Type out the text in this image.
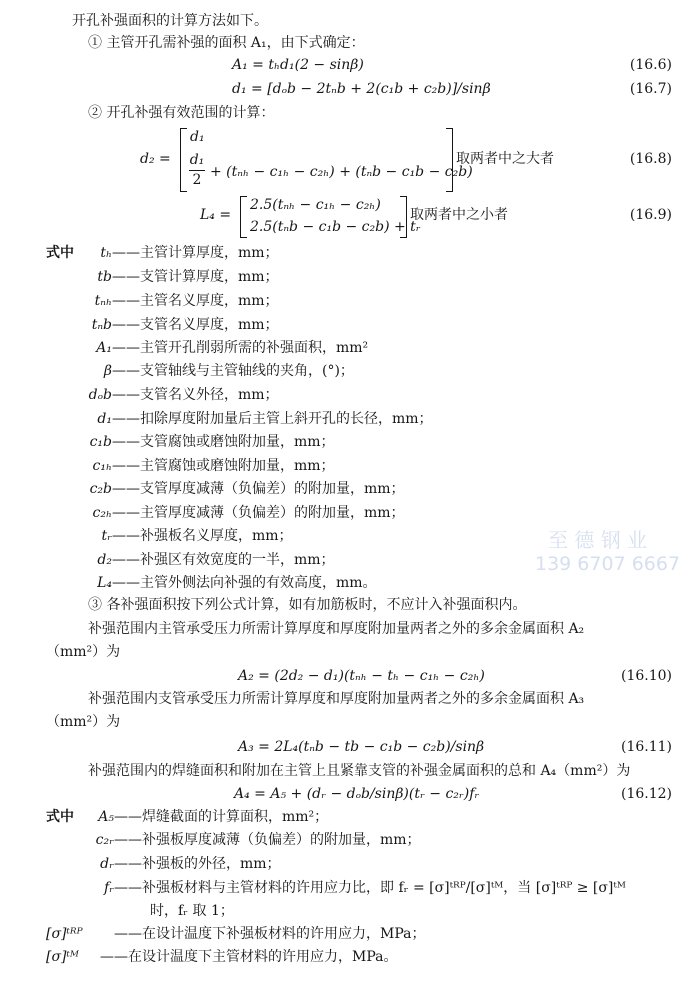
至 德 钢 业
139 6707 6667
开孔补强面积的计算方法如下。
① 主管开孔需补强的面积 A₁，由下式确定：
A₁ = tₕd₁(2 − sinβ)	(16.6)
d₁ = [dₒb − 2tₙb + 2(c₁b + c₂b)]/sinβ	(16.7)
② 开孔补强有效范围的计算：
d₂ =
d₁
d₁
2 + (tₙₕ − c₁ₕ − c₂ₕ) + (tₙb − c₁b − c₂b)
取两者中之大者	(16.8)
L₄ =
2.5(tₙₕ − c₁ₕ − c₂ₕ)
2.5(tₙb − c₁b − c₂b) + tᵣ
取两者中之小者	(16.9)
式中	tₕ——主管计算厚度，mm；
tb——支管计算厚度，mm；
tₙₕ——主管名义厚度，mm；
tₙb——支管名义厚度，mm；
A₁——主管开孔削弱所需的补强面积，mm²
β——支管轴线与主管轴线的夹角，(°)；
dₒb——支管名义外径，mm；
d₁——扣除厚度附加量后主管上斜开孔的长径，mm；
c₁b——支管腐蚀或磨蚀附加量，mm；
c₁ₕ——主管腐蚀或磨蚀附加量，mm；
c₂b——支管厚度减薄（负偏差）的附加量，mm；
c₂ₕ——主管厚度减薄（负偏差）的附加量，mm；
tᵣ——补强板名义厚度，mm；
d₂——补强区有效宽度的一半，mm；
L₄——主管外侧法向补强的有效高度，mm。
③ 各补强面积按下列公式计算，如有加筋板时，不应计入补强面积内。
补强范围内主管承受压力所需计算厚度和厚度附加量两者之外的多余金属面积 A₂
（mm²）为
A₂ = (2d₂ − d₁)(tₙₕ − tₕ − c₁ₕ − c₂ₕ)	(16.10)
补强范围内支管承受压力所需计算厚度和厚度附加量两者之外的多余金属面积 A₃
（mm²）为
A₃ = 2L₄(tₙb − tb − c₁b − c₂b)/sinβ	(16.11)
补强范围内的焊缝面积和附加在主管上且紧靠支管的补强金属面积的总和 A₄（mm²）为
A₄ = A₅ + (dᵣ − dₒb/sinβ)(tᵣ − c₂ᵣ)fᵣ	(16.12)
式中	A₅——焊缝截面的计算面积，mm²；
c₂ᵣ——补强板厚度减薄（负偏差）的附加量，mm；
dᵣ——补强板的外径，mm；
fᵣ——补强板材料与主管材料的许用应力比，即 fᵣ = [σ]ᵗᴿᴾ/[σ]ᵗᴹ，当 [σ]ᵗᴿᴾ ≥ [σ]ᵗᴹ
时，fᵣ 取 1；
[σ]ᵗᴿᴾ ——在设计温度下补强板材料的许用应力，MPa；
[σ]ᵗᴹ ——在设计温度下主管材料的许用应力，MPa。
